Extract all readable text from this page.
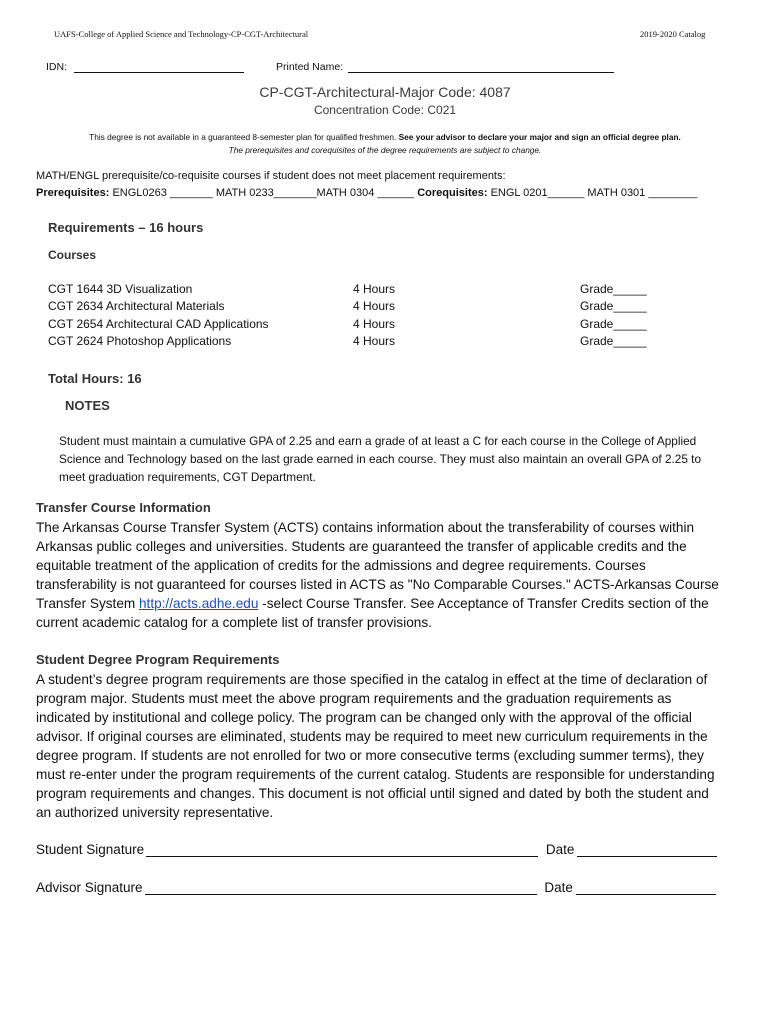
UAFS-College of Applied Science and Technology-CP-CGT-Architectural	2019-2020 Catalog
IDN:	Printed Name:
CP-CGT-Architectural-Major Code: 4087
Concentration Code: C021
This degree is not available in a guaranteed 8-semester plan for qualified freshmen. See your advisor to declare your major and sign an official degree plan.
The prerequisites and corequisites of the degree requirements are subject to change.
MATH/ENGL prerequisite/co-requisite courses if student does not meet placement requirements:
Prerequisites: ENGL0263 _______ MATH 0233_______MATH 0304 ______ Corequisites: ENGL 0201______ MATH 0301 ________
Requirements – 16 hours
Courses
CGT 1644 3D Visualization	4 Hours	Grade_____
CGT 2634 Architectural Materials	4 Hours	Grade_____
CGT 2654 Architectural CAD Applications	4 Hours	Grade_____
CGT 2624 Photoshop Applications	4 Hours	Grade_____
Total Hours: 16
NOTES
Student must maintain a cumulative GPA of 2.25 and earn a grade of at least a C for each course in the College of Applied Science and Technology based on the last grade earned in each course. They must also maintain an overall GPA of 2.25 to meet graduation requirements, CGT Department.
Transfer Course Information
The Arkansas Course Transfer System (ACTS) contains information about the transferability of courses within Arkansas public colleges and universities. Students are guaranteed the transfer of applicable credits and the equitable treatment of the application of credits for the admissions and degree requirements. Courses transferability is not guaranteed for courses listed in ACTS as "No Comparable Courses." ACTS-Arkansas Course Transfer System http://acts.adhe.edu -select Course Transfer. See Acceptance of Transfer Credits section of the current academic catalog for a complete list of transfer provisions.
Student Degree Program Requirements
A student’s degree program requirements are those specified in the catalog in effect at the time of declaration of program major. Students must meet the above program requirements and the graduation requirements as indicated by institutional and college policy. The program can be changed only with the approval of the official advisor. If original courses are eliminated, students may be required to meet new curriculum requirements in the degree program. If students are not enrolled for two or more consecutive terms (excluding summer terms), they must re-enter under the program requirements of the current catalog. Students are responsible for understanding program requirements and changes. This document is not official until signed and dated by both the student and an authorized university representative.
Student Signature	Date
Advisor Signature	Date
